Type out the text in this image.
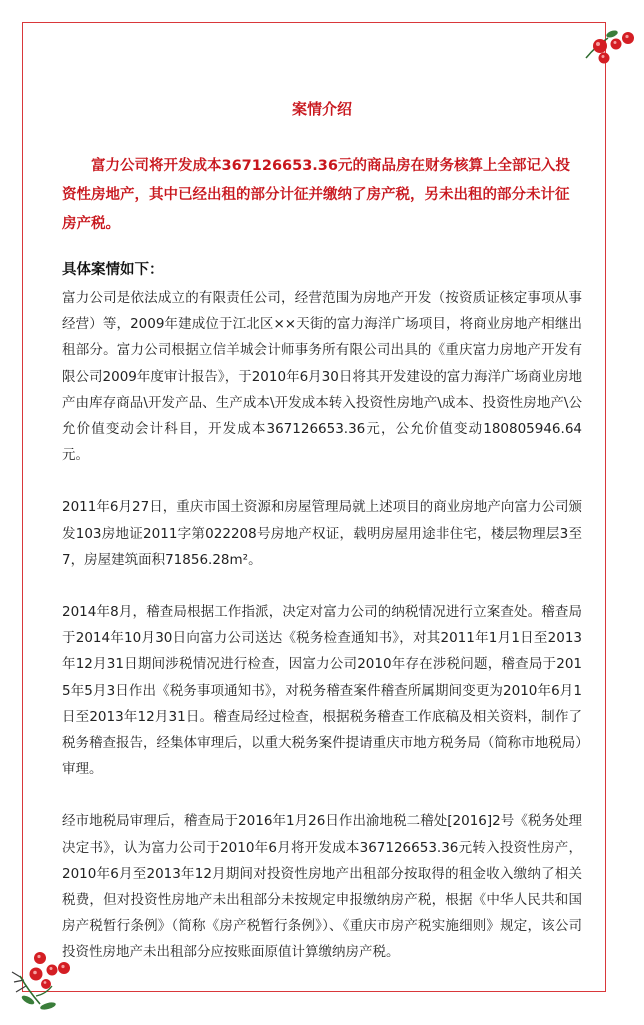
案情介绍

富力公司将开发成本367126653.36元的商品房在财务核算上全部记入投资性房地产，其中已经出租的部分计征并缴纳了房产税，另未出租的部分未计征房产税。

具体案情如下：

富力公司是依法成立的有限责任公司，经营范围为房地产开发（按资质证核定事项从事经营）等，2009年建成位于江北区××天街的富力海洋广场项目，将商业房地产相继出租部分。富力公司根据立信羊城会计师事务所有限公司出具的《重庆富力房地产开发有限公司2009年度审计报告》，于2010年6月30日将其开发建设的富力海洋广场商业房地产由库存商品\开发产品、生产成本\开发成本转入投资性房地产\成本、投资性房地产\公允价值变动会计科目，开发成本367126653.36元，公允价值变动180805946.64元。

2011年6月27日，重庆市国土资源和房屋管理局就上述项目的商业房地产向富力公司颁发103房地证2011字第022208号房地产权证，载明房屋用途非住宅，楼层物理层3至7，房屋建筑面积71856.28m²。

2014年8月，稽查局根据工作指派，决定对富力公司的纳税情况进行立案查处。稽查局于2014年10月30日向富力公司送达《税务检查通知书》，对其2011年1月1日至2013年12月31日期间涉税情况进行检查，因富力公司2010年存在涉税问题，稽查局于2015年5月3日作出《税务事项通知书》，对税务稽查案件稽查所属期间变更为2010年6月1日至2013年12月31日。稽查局经过检查，根据税务稽查工作底稿及相关资料，制作了税务稽查报告，经集体审理后，以重大税务案件提请重庆市地方税务局（简称市地税局）审理。

经市地税局审理后，稽查局于2016年1月26日作出渝地税二稽处[2016]2号《税务处理决定书》，认为富力公司于2010年6月将开发成本367126653.36元转入投资性房产，2010年6月至2013年12月期间对投资性房地产出租部分按取得的租金收入缴纳了相关税费，但对投资性房地产未出租部分未按规定申报缴纳房产税，根据《中华人民共和国房产税暂行条例》（简称《房产税暂行条例》）、《重庆市房产税实施细则》规定，该公司投资性房地产未出租部分应按账面原值计算缴纳房产税。
